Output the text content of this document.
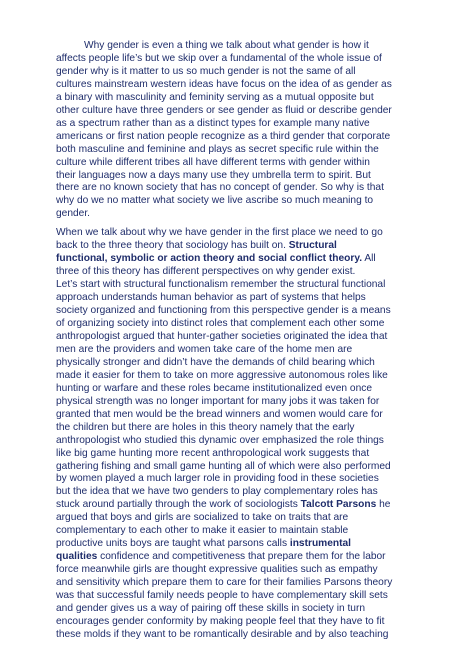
Why gender is even a thing we talk about what gender is how it
affects people life’s but we skip over a fundamental of the whole issue of
gender why is it matter to us so much gender is not the same of all
cultures mainstream western ideas have focus on the idea of as gender as
a binary with masculinity and feminity serving as a mutual opposite but
other culture have three genders or see gender as fluid or describe gender
as a spectrum rather than as a distinct types for example many native
americans or first nation people recognize as a third gender that corporate
both masculine and feminine and plays as secret specific rule within the
culture while different tribes all have different terms with gender within
their languages now a days many use they umbrella term to spirit. But
there are no known society that has no concept of gender. So why is that
why do we no matter what society we live ascribe so much meaning to
gender.
When we talk about why we have gender in the first place we need to go
back to the three theory that sociology has built on. Structural
functional, symbolic or action theory and social conflict theory. All
three of this theory has different perspectives on why gender exist.
Let’s start with structural functionalism remember the structural functional
approach understands human behavior as part of systems that helps
society organized and functioning from this perspective gender is a means
of organizing society into distinct roles that complement each other some
anthropologist argued that hunter-gather societies originated the idea that
men are the providers and women take care of the home men are
physically stronger and didn’t have the demands of child bearing which
made it easier for them to take on more aggressive autonomous roles like
hunting or warfare and these roles became institutionalized even once
physical strength was no longer important for many jobs it was taken for
granted that men would be the bread winners and women would care for
the children but there are holes in this theory namely that the early
anthropologist who studied this dynamic over emphasized the role things
like big game hunting more recent anthropological work suggests that
gathering fishing and small game hunting all of which were also performed
by women played a much larger role in providing food in these societies
but the idea that we have two genders to play complementary roles has
stuck around partially through the work of sociologists Talcott Parsons he
argued that boys and girls are socialized to take on traits that are
complementary to each other to make it easier to maintain stable
productive units boys are taught what parsons calls instrumental
qualities confidence and competitiveness that prepare them for the labor
force meanwhile girls are thought expressive qualities such as empathy
and sensitivity which prepare them to care for their families Parsons theory
was that successful family needs people to have complementary skill sets
and gender gives us a way of pairing off these skills in society in turn
encourages gender conformity by making people feel that they have to fit
these molds if they want to be romantically desirable and by also teaching
